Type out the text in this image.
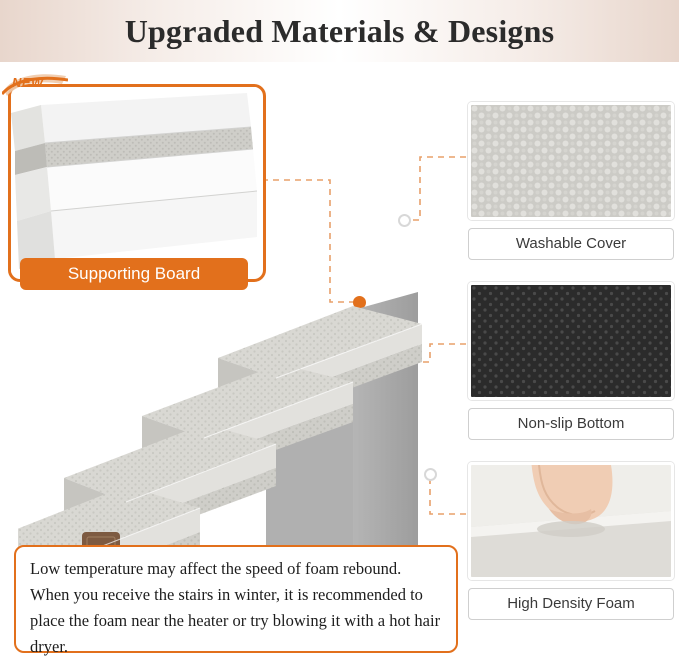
Upgraded Materials & Designs
NEW
Supporting Board
Washable Cover
Non-slip Bottom
High Density Foam

Low temperature may affect the speed of foam rebound. When you receive the stairs in winter, it is recommended to place the foam near the heater or try blowing it with a hot hair dryer.
